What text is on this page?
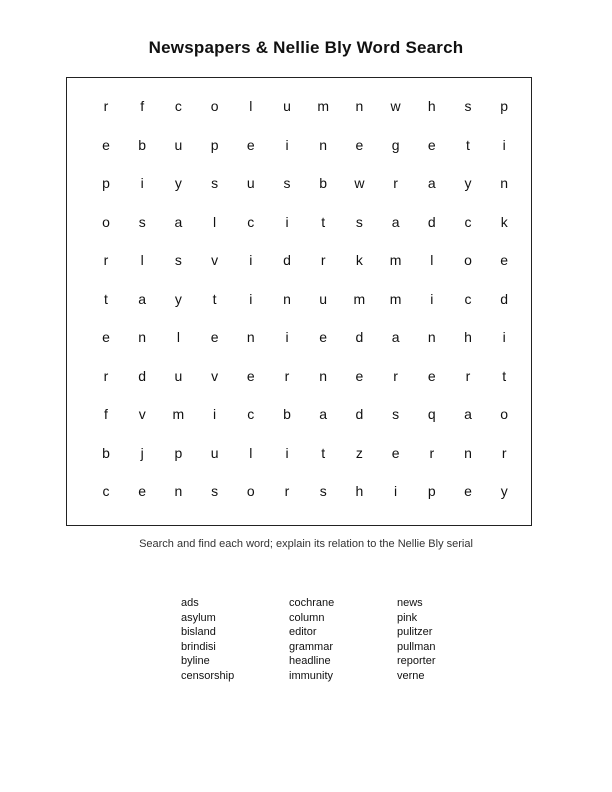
Newspapers & Nellie Bly Word Search
r	f	c	o	l	u	m	n	w	h	s	p
e	b	u	p	e	i	n	e	g	e	t	i
p	i	y	s	u	s	b	w	r	a	y	n
o	s	a	l	c	i	t	s	a	d	c	k
r	l	s	v	i	d	r	k	m	l	o	e
t	a	y	t	i	n	u	m	m	i	c	d
e	n	l	e	n	i	e	d	a	n	h	i
r	d	u	v	e	r	n	e	r	e	r	t
f	v	m	i	c	b	a	d	s	q	a	o
b	j	p	u	l	i	t	z	e	r	n	r
c	e	n	s	o	r	s	h	i	p	e	y
Search and find each word; explain its relation to the Nellie Bly serial
ads
asylum
bisland
brindisi
byline
censorship
cochrane
column
editor
grammar
headline
immunity
news
pink
pulitzer
pullman
reporter
verne
